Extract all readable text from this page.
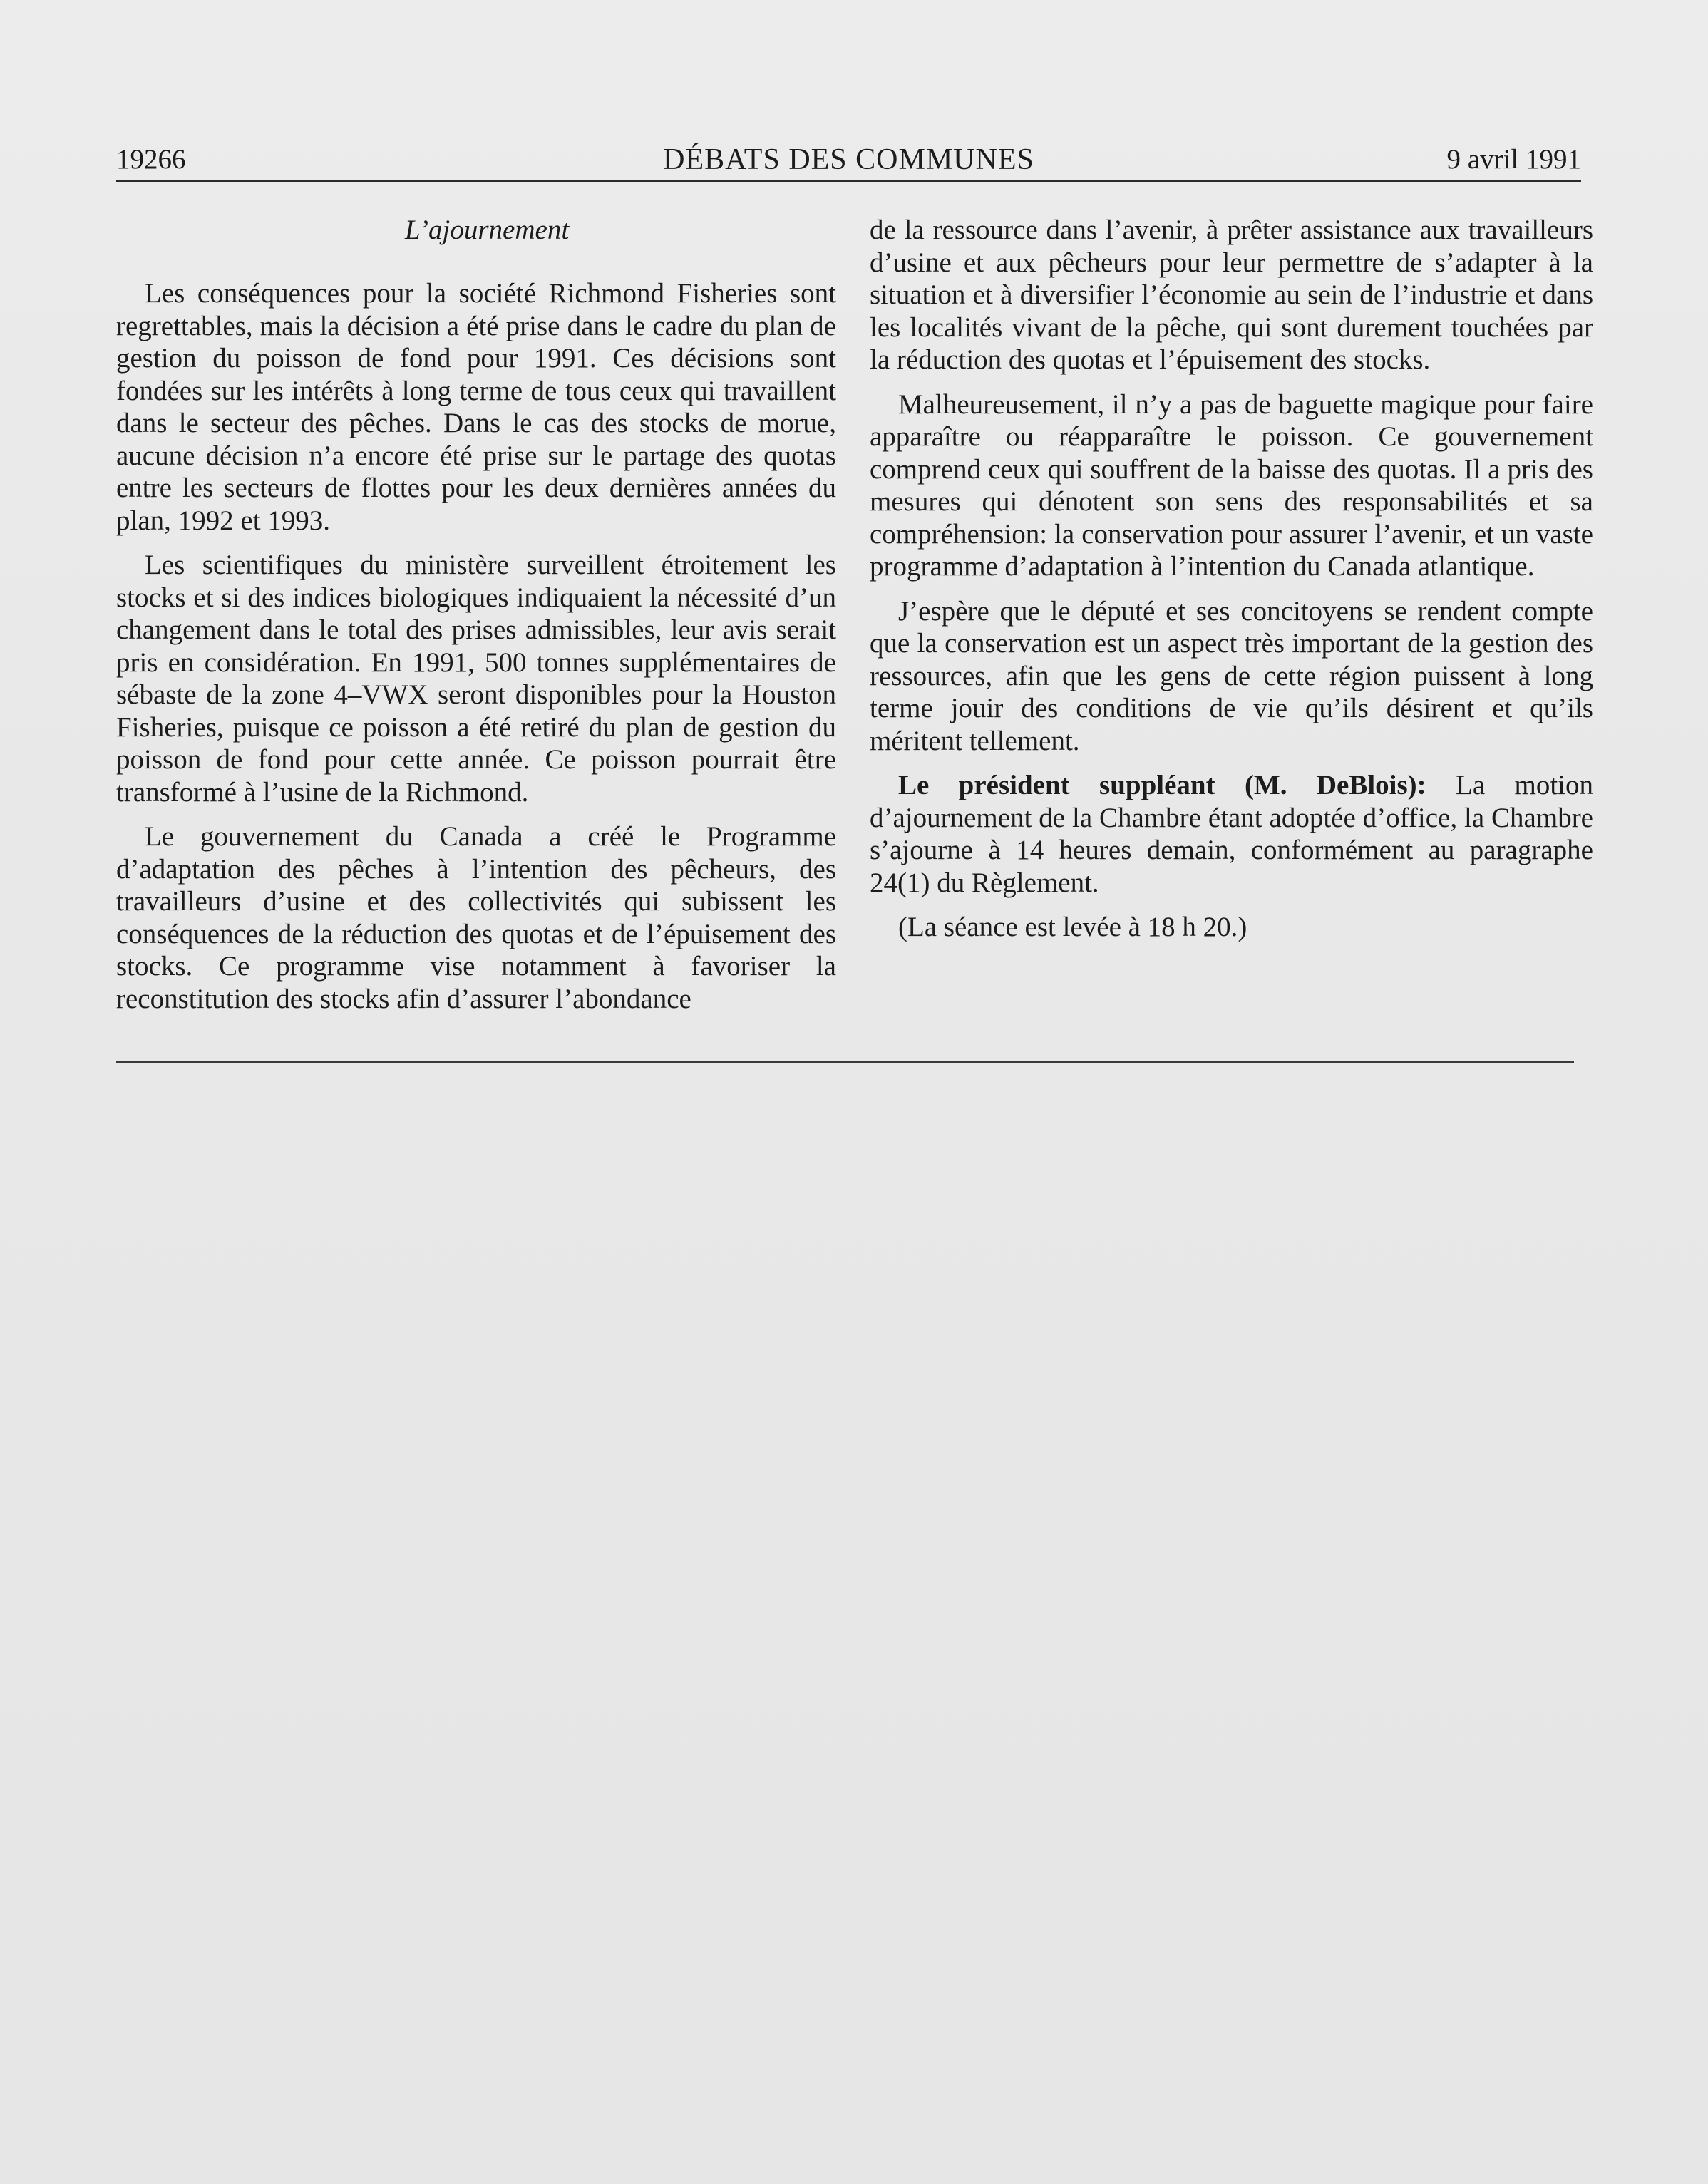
19266	DÉBATS DES COMMUNES	9 avril 1991

L’ajournement

Les conséquences pour la société Richmond Fisheries sont regrettables, mais la décision a été prise dans le cadre du plan de gestion du poisson de fond pour 1991. Ces décisions sont fondées sur les intérêts à long terme de tous ceux qui travaillent dans le secteur des pêches. Dans le cas des stocks de morue, aucune décision n’a encore été prise sur le partage des quotas entre les secteurs de flottes pour les deux dernières années du plan, 1992 et 1993.

Les scientifiques du ministère surveillent étroitement les stocks et si des indices biologiques indiquaient la nécessité d’un changement dans le total des prises admissibles, leur avis serait pris en considération. En 1991, 500 tonnes supplémentaires de sébaste de la zone 4–VWX seront disponibles pour la Houston Fisheries, puisque ce poisson a été retiré du plan de gestion du poisson de fond pour cette année. Ce poisson pourrait être transformé à l’usine de la Richmond.

Le gouvernement du Canada a créé le Programme d’adaptation des pêches à l’intention des pêcheurs, des travailleurs d’usine et des collectivités qui subissent les conséquences de la réduction des quotas et de l’épuisement des stocks. Ce programme vise notamment à favoriser la reconstitution des stocks afin d’assurer l’abondance

de la ressource dans l’avenir, à prêter assistance aux travailleurs d’usine et aux pêcheurs pour leur permettre de s’adapter à la situation et à diversifier l’économie au sein de l’industrie et dans les localités vivant de la pêche, qui sont durement touchées par la réduction des quotas et l’épuisement des stocks.

Malheureusement, il n’y a pas de baguette magique pour faire apparaître ou réapparaître le poisson. Ce gouvernement comprend ceux qui souffrent de la baisse des quotas. Il a pris des mesures qui dénotent son sens des responsabilités et sa compréhension: la conservation pour assurer l’avenir, et un vaste programme d’adaptation à l’intention du Canada atlantique.

J’espère que le député et ses concitoyens se rendent compte que la conservation est un aspect très important de la gestion des ressources, afin que les gens de cette région puissent à long terme jouir des conditions de vie qu’ils désirent et qu’ils méritent tellement.

Le président suppléant (M. DeBlois): La motion d’ajournement de la Chambre étant adoptée d’office, la Chambre s’ajourne à 14 heures demain, conformément au paragraphe 24(1) du Règlement.

(La séance est levée à 18 h 20.)
